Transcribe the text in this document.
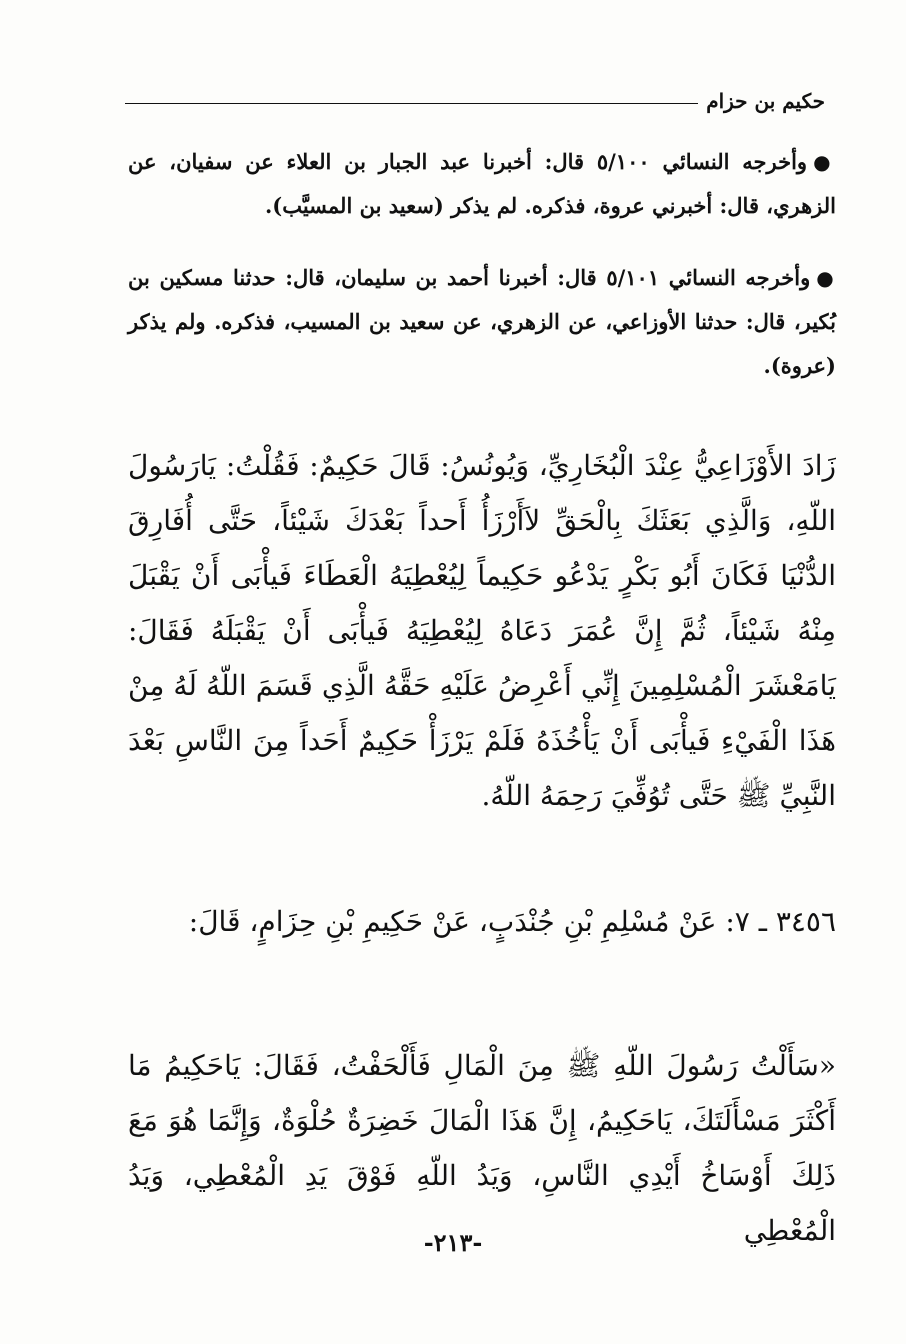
حكيم بن حزام
●وأخرجه النسائي ٥/١٠٠ قال: أخبرنا عبد الجبار بن العلاء عن سفيان، عن الزهري، قال: أخبرني عروة، فذكره. لم يذكر (سعيد بن المسيَّب).
●وأخرجه النسائي ٥/١٠١ قال: أخبرنا أحمد بن سليمان، قال: حدثنا مسكين بن بُكير، قال: حدثنا الأوزاعي، عن الزهري، عن سعيد بن المسيب، فذكره. ولم يذكر (عروة).
زَادَ الأَوْزَاعِيُّ عِنْدَ الْبُخَارِيِّ، وَيُونُسُ: قَالَ حَكِيمٌ: فَقُلْتُ: يَارَسُولَ اللّهِ، وَالَّذِي بَعَثَكَ بِالْحَقِّ لاَأَرْزَأُ أَحداً بَعْدَكَ شَيْئاً، حَتَّى أُفَارِقَ الدُّنْيَا فَكَانَ أَبُو بَكْرٍ يَدْعُو حَكِيماً لِيُعْطِيَهُ الْعَطَاءَ فَيأْبَى أَنْ يَقْبَلَ مِنْهُ شَيْئاً، ثُمَّ إِنَّ عُمَرَ دَعَاهُ لِيُعْطِيَهُ فَيأْبَى أَنْ يَقْبَلَهُ فَقَالَ: يَامَعْشَرَ الْمُسْلِمِينَ إِنِّي أَعْرِضُ عَلَيْهِ حَقَّهُ الَّذِي قَسَمَ اللّهُ لَهُ مِنْ هَذَا الْفَيْءِ فَيأْبَى أَنْ يَأْخُذَهُ فَلَمْ يَرْزَأْ حَكِيمٌ أَحَداً مِنَ النَّاسِ بَعْدَ النَّبِيِّ ﷺ حَتَّى تُوُفِّيَ رَحِمَهُ اللّهُ.
٣٤٥٦ ـ ٧: عَنْ مُسْلِمِ بْنِ جُنْدَبٍ، عَنْ حَكِيمِ بْنِ حِزَامٍ، قَالَ:
«سَأَلْتُ رَسُولَ اللّهِ ﷺ مِنَ الْمَالِ فَأَلْحَفْتُ، فَقَالَ: يَاحَكِيمُ مَا أَكْثَرَ مَسْأَلَتَكَ، يَاحَكِيمُ، إِنَّ هَذَا الْمَالَ خَضِرَةٌ حُلْوَةٌ، وَإِنَّمَا هُوَ مَعَ ذَلِكَ أَوْسَاخُ أَيْدِي النَّاسِ، وَيَدُ اللّهِ فَوْقَ يَدِ الْمُعْطِي، وَيَدُ الْمُعْطِي
-٢١٣-
